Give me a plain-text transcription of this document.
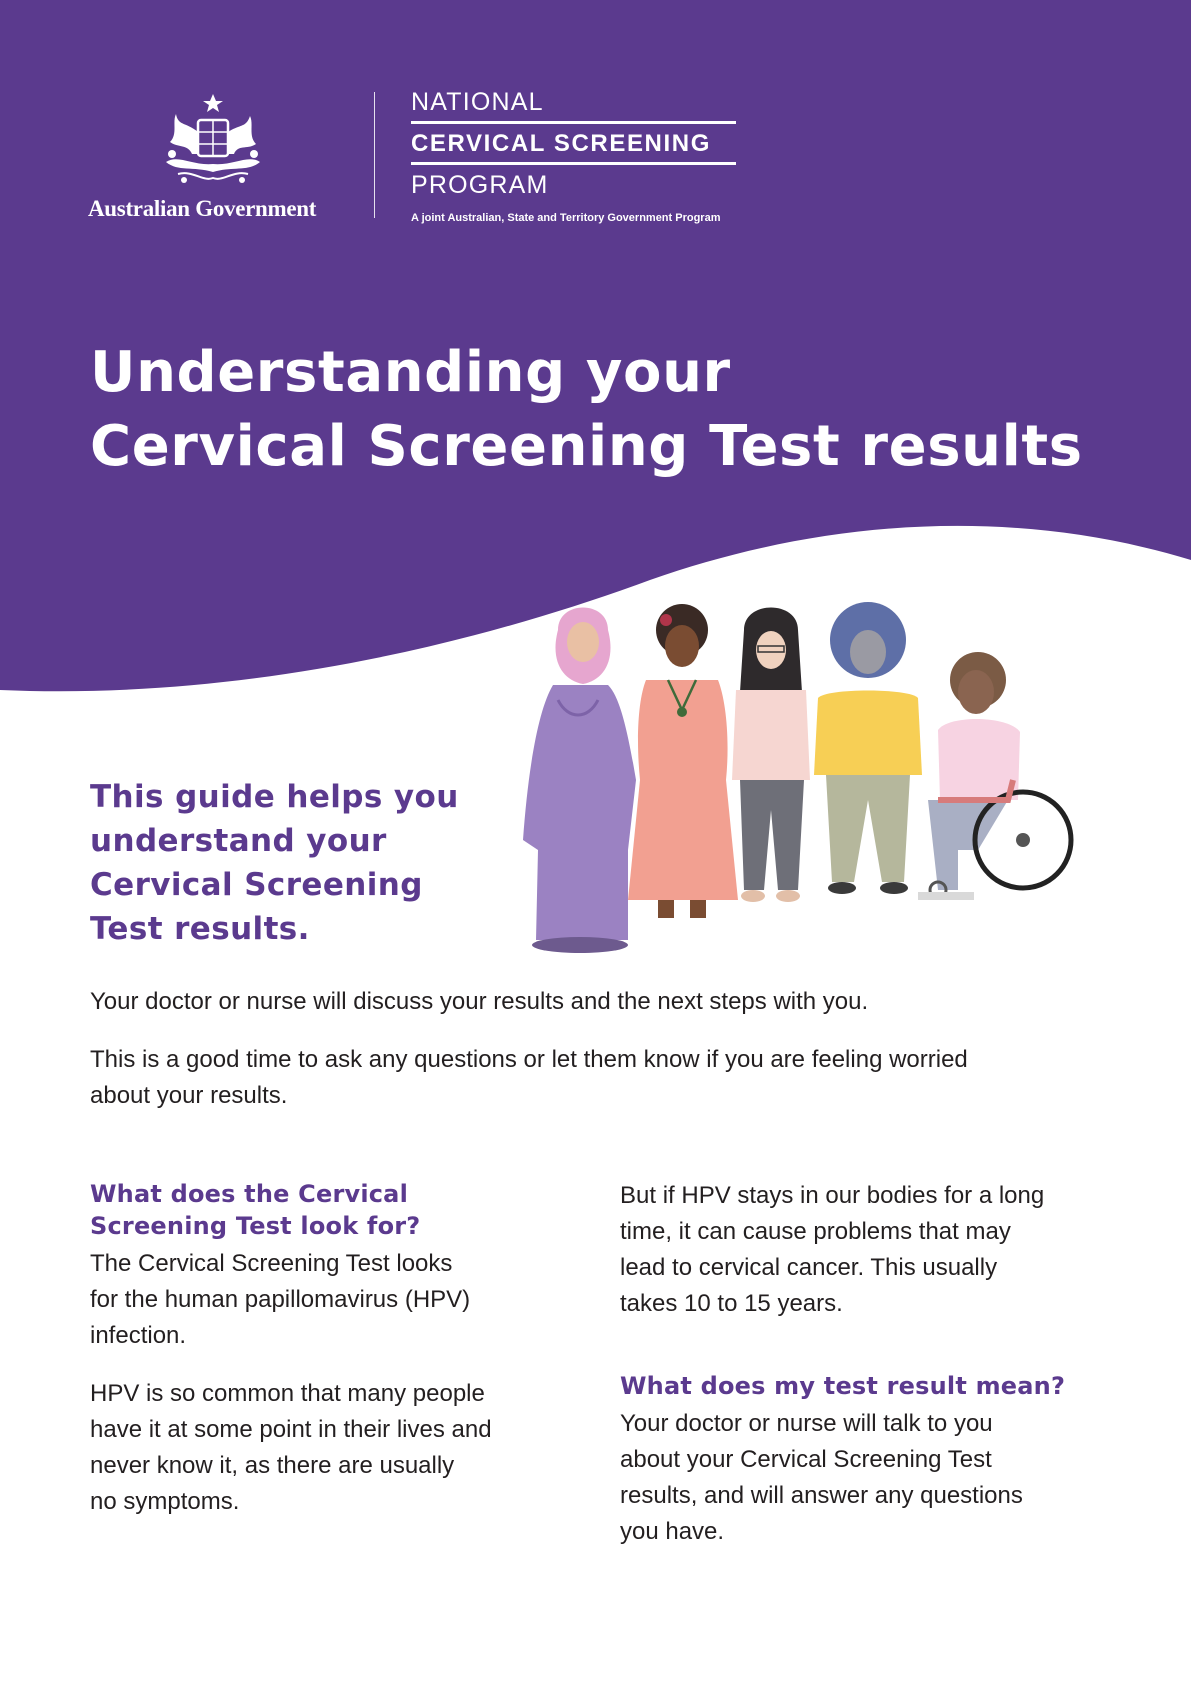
Australian Government
NATIONAL
CERVICAL SCREENING
PROGRAM
A joint Australian, State and Territory Government Program
Understanding your
Cervical Screening Test results
This guide helps you
understand your
Cervical Screening
Test results.

Your doctor or nurse will discuss your results and the next steps with you.

This is a good time to ask any questions or let them know if you are feeling worried
about your results.

What does the Cervical
Screening Test look for?

The Cervical Screening Test looks
for the human papillomavirus (HPV)
infection.

HPV is so common that many people
have it at some point in their lives and
never know it, as there are usually
no symptoms.

But if HPV stays in our bodies for a long
time, it can cause problems that may
lead to cervical cancer. This usually
takes 10 to 15 years.

What does my test result mean?

Your doctor or nurse will talk to you
about your Cervical Screening Test
results, and will answer any questions
you have.
